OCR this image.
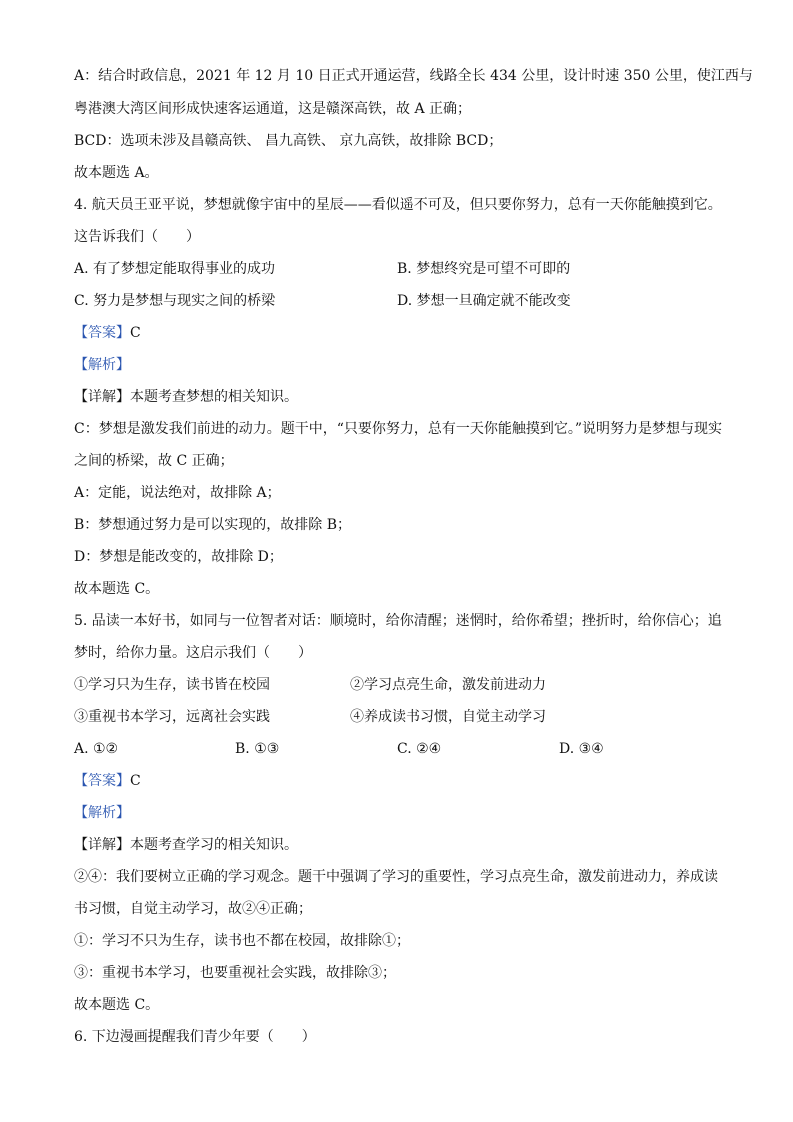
A：结合时政信息，2021 年 12 月 10 日正式开通运营，线路全长 434 公里，设计时速 350 公里，使江西与
粤港澳大湾区间形成快速客运通道，这是赣深高铁，故 A 正确；
BCD：选项未涉及昌赣高铁、 昌九高铁、 京九高铁，故排除 BCD；
故本题选 A。
4. 航天员王亚平说，梦想就像宇宙中的星辰——看似遥不可及，但只要你努力，总有一天你能触摸到它。
这告诉我们（　　）
A. 有了梦想定能取得事业的成功	B. 梦想终究是可望不可即的
C. 努力是梦想与现实之间的桥梁	D. 梦想一旦确定就不能改变
【答案】C
【解析】
【详解】本题考查梦想的相关知识。
C：梦想是激发我们前进的动力。题干中，“只要你努力，总有一天你能触摸到它。”说明努力是梦想与现实
之间的桥梁，故 C 正确；
A：定能，说法绝对，故排除 A；
B：梦想通过努力是可以实现的，故排除 B；
D：梦想是能改变的，故排除 D；
故本题选 C。
5. 品读一本好书，如同与一位智者对话：顺境时，给你清醒；迷惘时，给你希望；挫折时，给你信心；追
梦时，给你力量。这启示我们（　　）
①学习只为生存，读书皆在校园	②学习点亮生命，激发前进动力
③重视书本学习，远离社会实践	④养成读书习惯，自觉主动学习
A. ①②	B. ①③	C. ②④	D. ③④
【答案】C
【解析】
【详解】本题考查学习的相关知识。
②④：我们要树立正确的学习观念。题干中强调了学习的重要性，学习点亮生命，激发前进动力，养成读
书习惯，自觉主动学习，故②④正确；
①：学习不只为生存，读书也不都在校园，故排除①；
③：重视书本学习，也要重视社会实践，故排除③；
故本题选 C。
6. 下边漫画提醒我们青少年要（　　）
